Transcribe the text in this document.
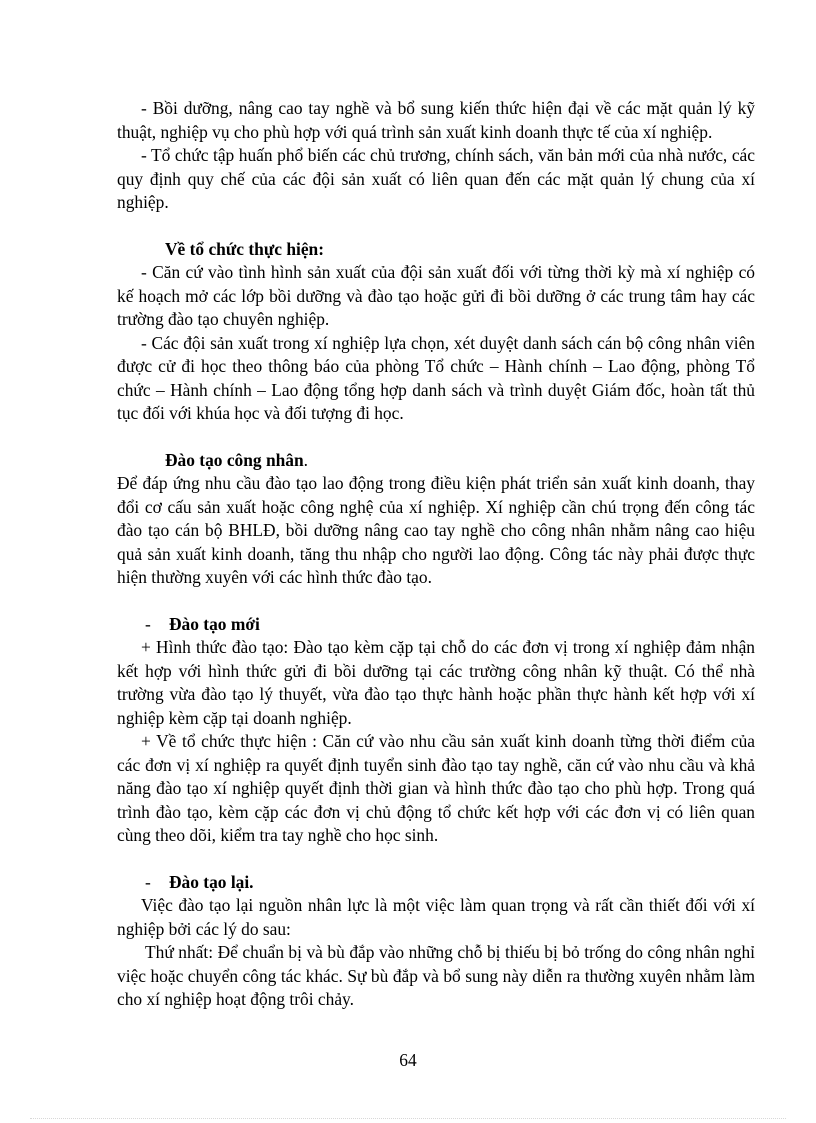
- Bồi dưỡng, nâng cao tay nghề và bổ sung kiến thức hiện đại về các mặt quản lý kỹ thuật, nghiệp vụ cho phù hợp với quá trình sản xuất kinh doanh thực tế của xí nghiệp.

- Tổ chức tập huấn phổ biến các chủ trương, chính sách, văn bản mới của nhà nước, các quy định quy chế của các đội sản xuất có liên quan đến các mặt quản lý chung của xí nghiệp.

Về tổ chức thực hiện:

- Căn cứ vào tình hình sản xuất của đội sản xuất đối với từng thời kỳ mà xí nghiệp có kế hoạch mở các lớp bồi dưỡng và đào tạo hoặc gửi đi bồi dưỡng ở các trung tâm hay các trường đào tạo chuyên nghiệp.

- Các đội sản xuất trong xí nghiệp lựa chọn, xét duyệt danh sách cán bộ công nhân viên được cử đi học theo thông báo của phòng Tổ chức – Hành chính – Lao động, phòng Tổ chức – Hành chính – Lao động tổng hợp danh sách và trình duyệt Giám đốc, hoàn tất thủ tục đối với khúa học và đối tượng đi học.

Đào tạo công nhân.

Để đáp ứng nhu cầu đào tạo lao động trong điều kiện phát triển sản xuất kinh doanh, thay đổi cơ cấu sản xuất hoặc công nghệ của xí nghiệp. Xí nghiệp cần chú trọng đến công tác đào tạo cán bộ BHLĐ, bồi dưỡng nâng cao tay nghề cho công nhân nhằm nâng cao hiệu quả sản xuất kinh doanh, tăng thu nhập cho người lao động. Công tác này phải được thực hiện thường xuyên với các hình thức đào tạo.

- Đào tạo mới

+ Hình thức đào tạo: Đào tạo kèm cặp tại chỗ do các đơn vị trong xí nghiệp đảm nhận kết hợp với hình thức gửi đi bồi dưỡng tại các trường công nhân kỹ thuật. Có thể nhà trường vừa đào tạo lý thuyết, vừa đào tạo thực hành hoặc phần thực hành kết hợp với xí nghiệp kèm cặp tại doanh nghiệp.

+ Về tổ chức thực hiện : Căn cứ vào nhu cầu sản xuất kinh doanh từng thời điểm của các đơn vị xí nghiệp ra quyết định tuyển sinh đào tạo tay nghề, căn cứ vào nhu cầu và khả năng đào tạo xí nghiệp quyết định thời gian và hình thức đào tạo cho phù hợp. Trong quá trình đào tạo, kèm cặp các đơn vị chủ động tổ chức kết hợp với các đơn vị có liên quan cùng theo dõi, kiểm tra tay nghề cho học sinh.

- Đào tạo lại.

Việc đào tạo lại nguồn nhân lực là một việc làm quan trọng và rất cần thiết đối với xí nghiệp bởi các lý do sau:

Thứ nhất: Để chuẩn bị và bù đắp vào những chỗ bị thiếu bị bỏ trống do công nhân nghỉ việc hoặc chuyển công tác khác. Sự bù đắp và bổ sung này diễn ra thường xuyên nhằm làm cho xí nghiệp hoạt động trôi chảy.

64
